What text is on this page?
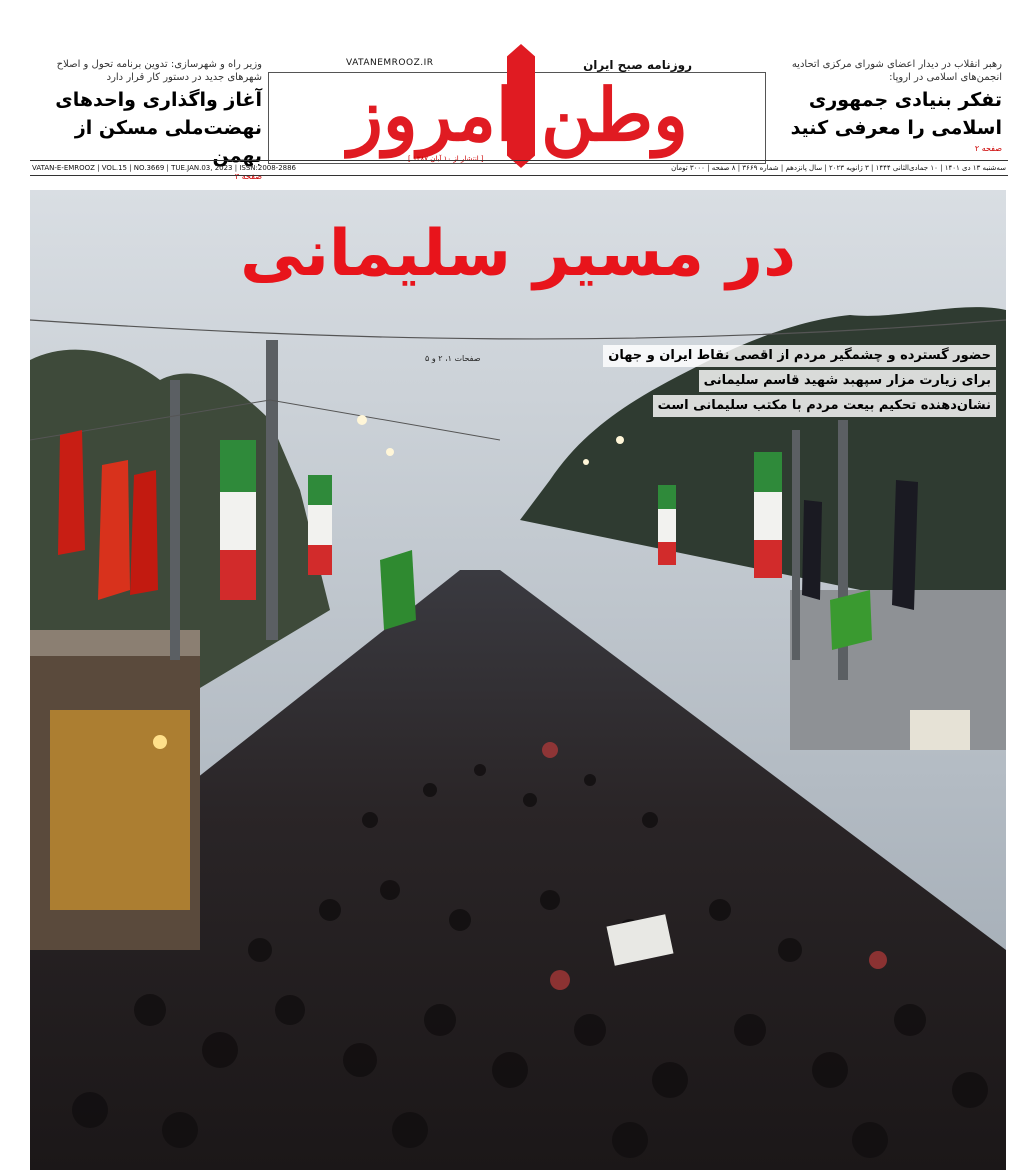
وزیر راه و شهرسازی: تدوین برنامه تحول و اصلاح شهرهای جدید در دستور کار قرار دارد
آغاز واگذاری واحدهای نهضت‌ملی مسکن از بهمن
صفحه ۳
VATANEMROOZ.IR	روزنامه صبح ایران
وطن امروز
[ انتشار از ۱۰ آبان ۱۳۸۷ ]
رهبر انقلاب در دیدار اعضای شورای مرکزی اتحادیه انجمن‌های اسلامی در اروپا:
تفکر بنیادی جمهوری اسلامی را معرفی کنید
صفحه ۲
VATAN-E-EMROOZ | VOL.15 | NO.3669 | TUE.JAN.03, 2023 | ISSN:2008-2886	سه‌شنبه ۱۳ دی ۱۴۰۱ | ۱۰ جمادی‌الثانی ۱۴۴۴ | ۳ ژانویه ۲۰۲۳ | سال پانزدهم | شماره ۳۶۶۹ | ۸ صفحه | ۳۰۰۰ تومان
در مسیر سلیمانی
صفحات ۱، ۲ و ۵	حضور گسترده و چشمگیر مردم از اقصی نقاط ایران و جهان
برای زیارت مزار سپهبد شهید قاسم سلیمانی
نشان‌دهنده تحکیم بیعت مردم با مکتب سلیمانی است
